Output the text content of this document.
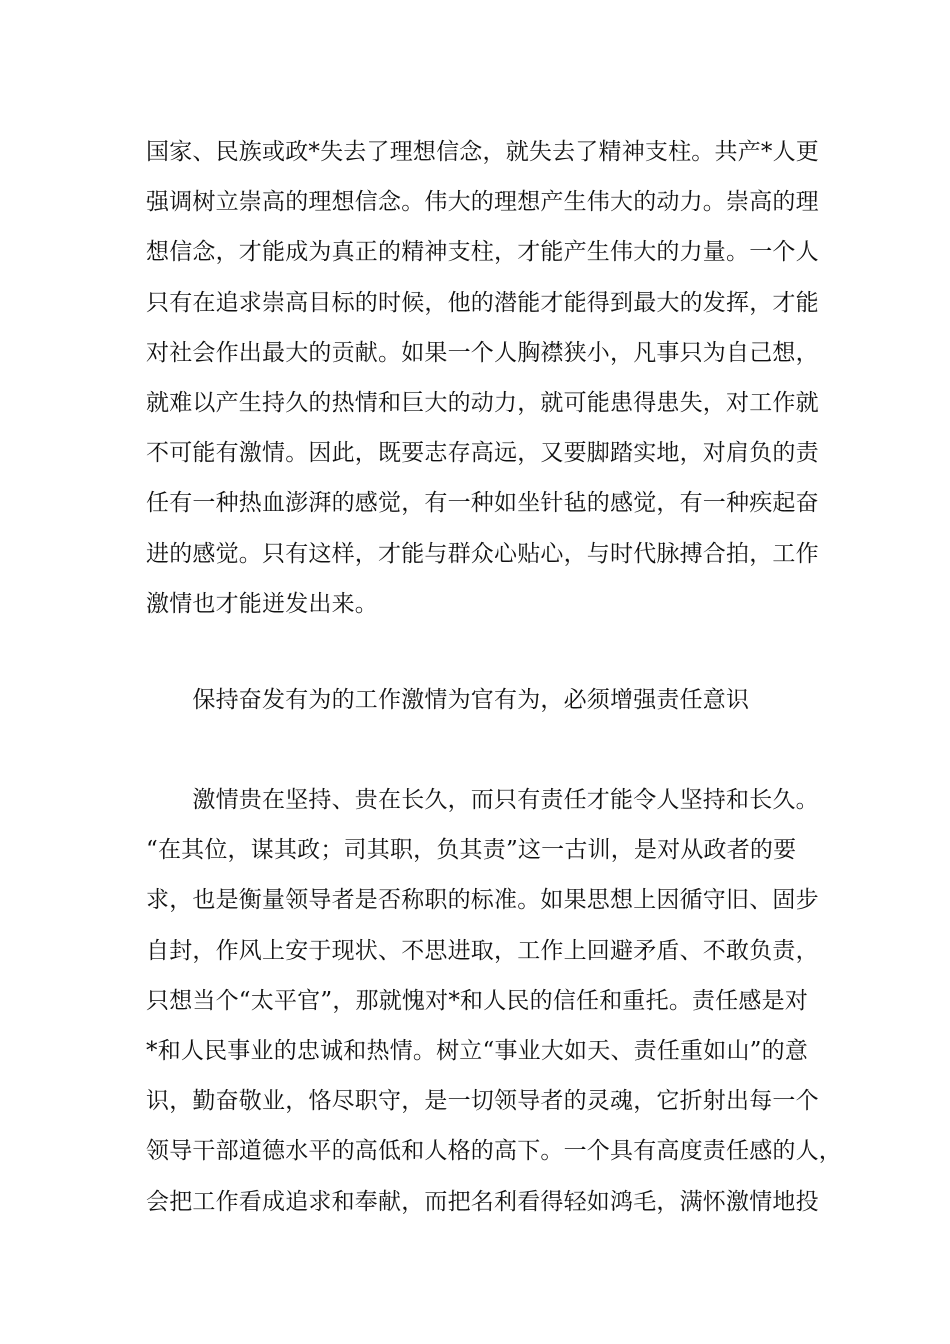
国家、民族或政*失去了理想信念，就失去了精神支柱。共产*人更
强调树立崇高的理想信念。伟大的理想产生伟大的动力。崇高的理
想信念，才能成为真正的精神支柱，才能产生伟大的力量。一个人
只有在追求崇高目标的时候，他的潜能才能得到最大的发挥，才能
对社会作出最大的贡献。如果一个人胸襟狭小，凡事只为自己想，
就难以产生持久的热情和巨大的动力，就可能患得患失，对工作就
不可能有激情。因此，既要志存高远，又要脚踏实地，对肩负的责
任有一种热血澎湃的感觉，有一种如坐针毡的感觉，有一种疾起奋
进的感觉。只有这样，才能与群众心贴心，与时代脉搏合拍，工作
激情也才能迸发出来。
　　保持奋发有为的工作激情为官有为，必须增强责任意识
　　激情贵在坚持、贵在长久，而只有责任才能令人坚持和长久。
“在其位，谋其政；司其职，负其责”这一古训，是对从政者的要
求，也是衡量领导者是否称职的标准。如果思想上因循守旧、固步
自封，作风上安于现状、不思进取，工作上回避矛盾、不敢负责，
只想当个“太平官”，那就愧对*和人民的信任和重托。责任感是对
*和人民事业的忠诚和热情。树立“事业大如天、责任重如山”的意
识，勤奋敬业，恪尽职守，是一切领导者的灵魂，它折射出每一个
领导干部道德水平的高低和人格的高下。一个具有高度责任感的人，
会把工作看成追求和奉献，而把名利看得轻如鸿毛，满怀激情地投
